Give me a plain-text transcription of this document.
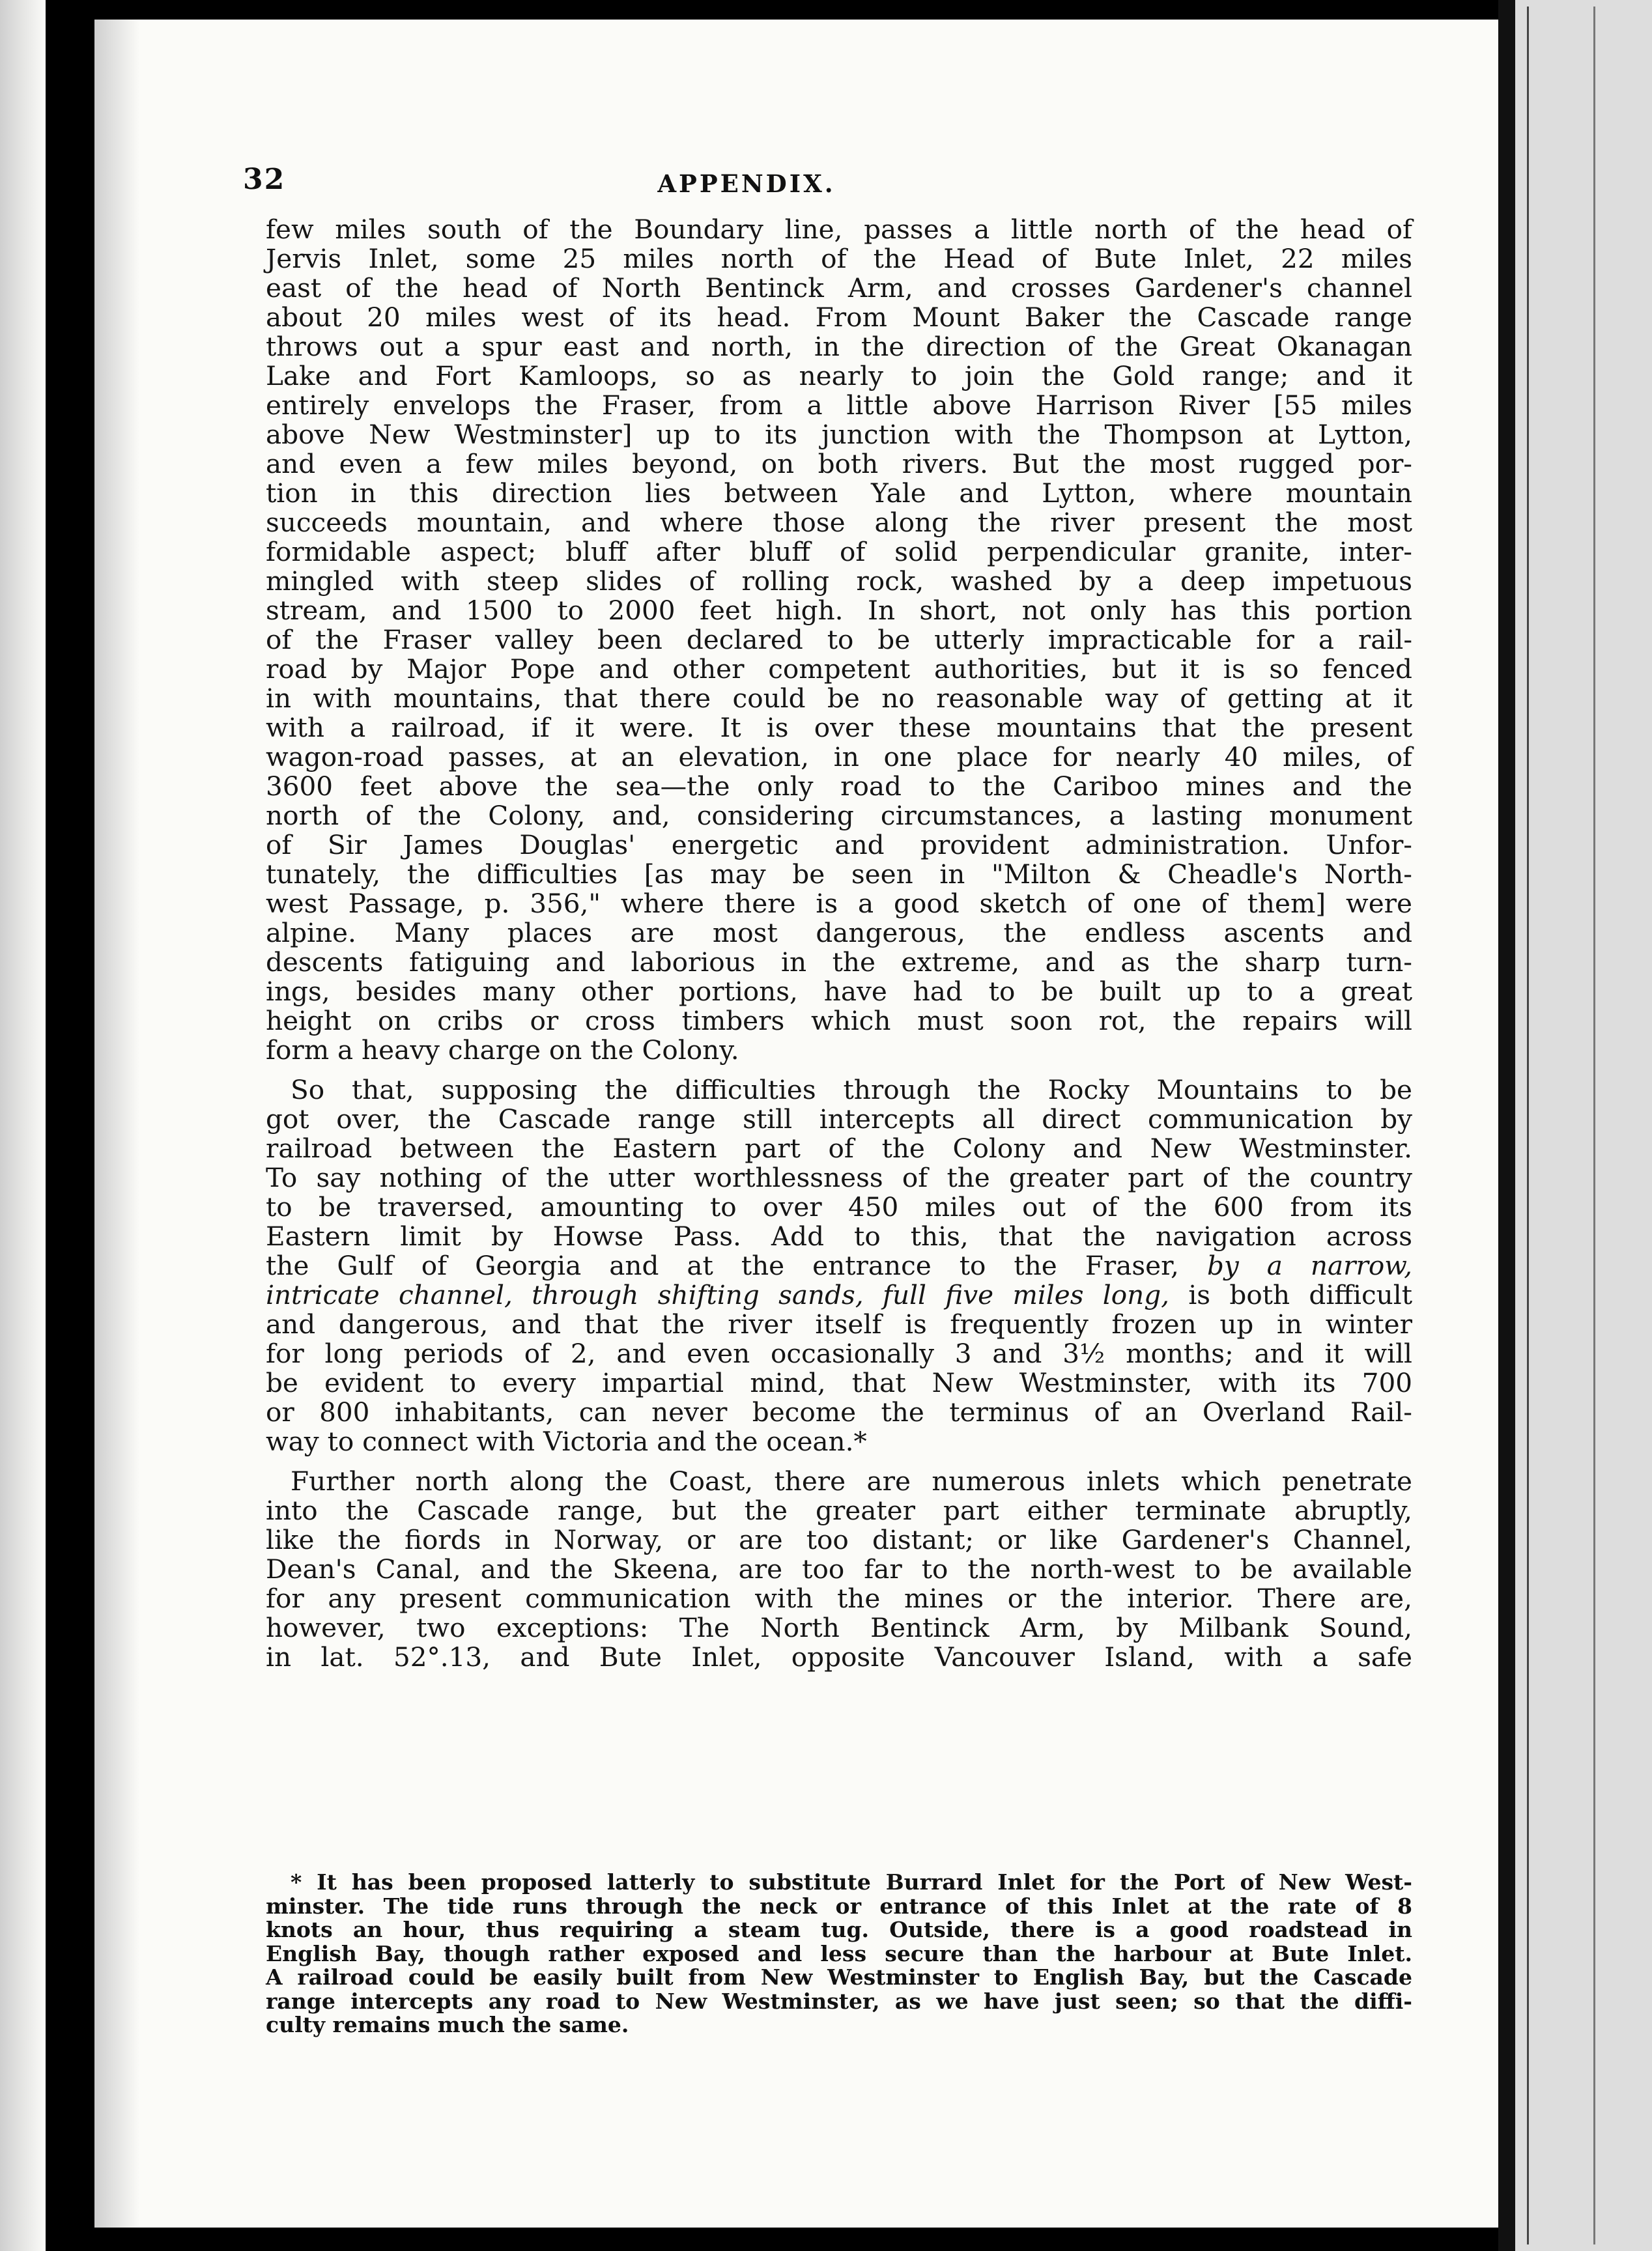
32	APPENDIX.
few miles south of the Boundary line, passes a little north of the head of
Jervis Inlet, some 25 miles north of the Head of Bute Inlet, 22 miles
east of the head of North Bentinck Arm, and crosses Gardener's channel
about 20 miles west of its head. From Mount Baker the Cascade range
throws out a spur east and north, in the direction of the Great Okanagan
Lake and Fort Kamloops, so as nearly to join the Gold range; and it
entirely envelops the Fraser, from a little above Harrison River [55 miles
above New Westminster] up to its junction with the Thompson at Lytton,
and even a few miles beyond, on both rivers. But the most rugged por-
tion in this direction lies between Yale and Lytton, where mountain
succeeds mountain, and where those along the river present the most
formidable aspect; bluff after bluff of solid perpendicular granite, inter-
mingled with steep slides of rolling rock, washed by a deep impetuous
stream, and 1500 to 2000 feet high. In short, not only has this portion
of the Fraser valley been declared to be utterly impracticable for a rail-
road by Major Pope and other competent authorities, but it is so fenced
in with mountains, that there could be no reasonable way of getting at it
with a railroad, if it were. It is over these mountains that the present
wagon-road passes, at an elevation, in one place for nearly 40 miles, of
3600 feet above the sea—the only road to the Cariboo mines and the
north of the Colony, and, considering circumstances, a lasting monument
of Sir James Douglas' energetic and provident administration. Unfor-
tunately, the difficulties [as may be seen in "Milton & Cheadle's North-
west Passage, p. 356," where there is a good sketch of one of them] were
alpine. Many places are most dangerous, the endless ascents and
descents fatiguing and laborious in the extreme, and as the sharp turn-
ings, besides many other portions, have had to be built up to a great
height on cribs or cross timbers which must soon rot, the repairs will
form a heavy charge on the Colony.
So that, supposing the difficulties through the Rocky Mountains to be
got over, the Cascade range still intercepts all direct communication by
railroad between the Eastern part of the Colony and New Westminster.
To say nothing of the utter worthlessness of the greater part of the country
to be traversed, amounting to over 450 miles out of the 600 from its
Eastern limit by Howse Pass. Add to this, that the navigation across
the Gulf of Georgia and at the entrance to the Fraser, by a narrow,
intricate channel, through shifting sands, full five miles long, is both difficult
and dangerous, and that the river itself is frequently frozen up in winter
for long periods of 2, and even occasionally 3 and 3½ months; and it will
be evident to every impartial mind, that New Westminster, with its 700
or 800 inhabitants, can never become the terminus of an Overland Rail-
way to connect with Victoria and the ocean.*
Further north along the Coast, there are numerous inlets which penetrate
into the Cascade range, but the greater part either terminate abruptly,
like the fiords in Norway, or are too distant; or like Gardener's Channel,
Dean's Canal, and the Skeena, are too far to the north-west to be available
for any present communication with the mines or the interior. There are,
however, two exceptions: The North Bentinck Arm, by Milbank Sound,
in lat. 52°.13, and Bute Inlet, opposite Vancouver Island, with a safe
* It has been proposed latterly to substitute Burrard Inlet for the Port of New West-
minster. The tide runs through the neck or entrance of this Inlet at the rate of 8
knots an hour, thus requiring a steam tug. Outside, there is a good roadstead in
English Bay, though rather exposed and less secure than the harbour at Bute Inlet.
A railroad could be easily built from New Westminster to English Bay, but the Cascade
range intercepts any road to New Westminster, as we have just seen; so that the diffi-
culty remains much the same.
